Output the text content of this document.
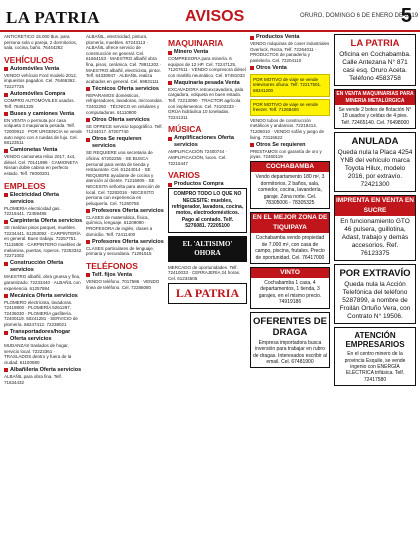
LA PATRIA	AVISOS	ORURO, DOMINGO 6 DE ENERO DE 2019
5
ANTICRETICO 15.000 $us. para persona sola o pareja, 2 dormitorios, sala, cocina, baño. 76444262
VEHÍCULOS
Automóviles Venta
VENDO vehículo Ford modelo 2012, impuestos pagados. Cel. 76466362. 72227725
Automóviles Compra
COMPRO AUTOMÓVILES usados. Telf. 76451325
Buses y camiones Venta
EN VENTA o permuta por casa volqueta 3 maquinaria pesada. Telf. 72000912 · POR URGENCIA se vende auto negro con 4 ruedas de lujo. Cel. 68123511
Camionetas Venta
VENDO camioneta Hilux 2017, 4x4, diésel. Cel. 70141999 · CAMIONETA Nissan doble cabina en perfecto estado. Telf. 76000201
EMPLEOS
Electricidad Oferta servicios
PLOMERÍA electricidad gas. 72215441. 72459485
Carpintería Oferta servicios
SE realizan pisos parquet, muebles. 72234441. 61253092 · CARPINTERÍA en general. Buen trabajo. 72257751. 71115800 · CARPINTERO muebles de melamina, puertas, roperos. 72253342. 72271002
Construcción Oferta servicios
MAESTRO albañil, obra gruesa y fina, garantizado. 72233440 · ALBAÑIL con experiencia. 61257884
Mecánica Oferta servicios
PLOMERO electricista, lavadoras. 72419800 · PLOMERÍA 5261297, 72436030 · PLOMERÍA gasfitería. 72400119. 60241281 · SERVICIO de plomería. 68247412. 72238021
Transportadores/hogar Oferta servicios
MUDANZAS traslados de hogar, servicio local. 72223361 · TRASLADOS dentro y fuera de la ciudad. 61100880
Albañilería Oferta servicios
ALBAÑIL para obra fina. Telf. 71634432
ALBAÑIL, electricidad, pintura, plomería, muebles. 67243113 · ALBAÑIL ofrece servicio de construcción en general. Cel. 61664153 · MAESTRO albañil obra fina, pisos, cerámica. Cel. 78911202 · MAESTRO albañil, electricista, pintor. Telf. 64330947 · ALBAÑIL realiza acabados en general. Cel. 69831111
Técnicos Oferta servicios
REPARAMOS domésticos, refrigeradores, lavadoras, microondas. 72402250 · TÉCNICO en celulares y computadoras. 61110800
Otros Oferta servicios
SE OFRECE servicio topográfico. Telf. 71244017. 67207740
Otros Se requieren servicios
SE REQUIERE una secretaria de oficina. 67202255 · SE BUSCA personal para venta de tienda y restaurante. Cel. 61244014 · SE REQUIERE ayudante de cocina y atención al cliente. 71216605 · SE NECESITA señorita para atención de local. Cel. 72282016 · NECESITO persona con experiencia en peluquería. Cel. 71260755
Profesores Oferta servicios
CLASES de matemática, física, química, lenguaje. 61209090 · PROFESORA de inglés, clases a domicilio. Telf. 72411400
Profesores Oferta servicios
CLASES particulares de lenguaje, primaria y secundaria. 71291515
TELÉFONOS
Telf. fijos Venta
VENDO teléfono. 7017586 · VENDO línea de teléfono. Cel. 72286080
MAQUINARIA
Minero Venta
COMPRESORA para minería. 6 equipos de 12 HP. Cel. 72247125. 71207611 · VENDO compresora diésel con martillo neumático. Cel. 67481033
Maquinaria pesada Venta
EXCAVADORA retroexcavadora, pala cargadora, volqueta en buen estado. Telf. 72213090 · TRACTOR agrícola con implementos. Cel. 74102233 · GRÚA hidráulica 10 toneladas. 72241311
MÚSICA
Amplificaciones Oferta servicios
AMPLIFICACIÓN 72400744 · AMPLIFICACIÓN, luces. Cel. 72216447
VARIOS
Productos Compra
COMPRO TODO LO QUE NO NECESITE: muebles, refrigerador, lavadora, cocina, motos, electrodomésticos. Pago al contado. Telf. 5276081. 72205100
EL 'ALTISIMO' OHORA
MERCADO de oportunidades. Telf. 72410033 · CERRAJERÍA 24 horas. Cel. 61234505
LA PATRIA
Productos Venta
VENDO máquinas de coser industriales Overlock, Recta, Telf. 72264011 · PRODUCTOS de panadería y pastelería. Cel. 72204110
Otros Venta
POR MOTIVO de viaje se vende televisores ofiuna. Telf. 72217501. 68341200
POR MOTIVO de viaje se vende freezer. Telf. 71268400
VENDO tubos de construcción metálicos y andamios. 72218414. 71206010 · VENDO sofás y juego de living. 73116622
Otros Se requieren
PRESTAMOS con garantía de oro y joyas. 72460119
COCHABAMBA
Vendo departamento 180 m², 3 dormitorios, 2 baños, sala, comedor, cocina, lavandería, garaje. Zona norte. Cel. 78305006 - 78305325
EN EL MEJOR ZONA DE TIQUIPAYA
Cochabamba vendo propiedad de 7.000 m², con casa de campo, piscina, frutales. Precio de oportunidad. Cel. 76417000
VINTO
Cochabamba 1 casa, 4 departamentos, 1 tienda, 3 garajes, en el mismo precio. 74919186
OFERENTES DE DRAGA
Empresa importadora busca inversión para trabajar en rubro de dragas. Interesados escribir al email. Cel. 67481900
LA PATRIA
Oficina en Cochabamba. Calle Antezana N° 871 casi esq. Oruro Aceta. Teléfono 4583758
EN VENTA MAQUINARIAS PARA MINERIA METALÚRGICA
Se vende 2 botes de flotación N° 18 usados y celdas de 4 pies. Telf. 72465140. Cel. 76498000
ANULADA
Queda nula la Placa 4254 YNB del vehículo marca Toyota Hilux, modelo 2016, por extravío. 72421300
IMPRENTA EN VENTA EN SUCRE
En funcionamiento GTO 46 pulsera, guillotina, Adast, trabajo y demás accesorios. Ref. 76123375
POR EXTRAVÍO
Queda nula la Acción Telefónica del teléfono 5287899, a nombre de Froilán Ortuño Vera, con Contrato N° 19506.
ATENCIÓN EMPRESARIOS
En el centro minero de la provincia Esquile, se vende ingenio con ENERGÍA ELÉCTRICA trifásica. Telf. 72417580
